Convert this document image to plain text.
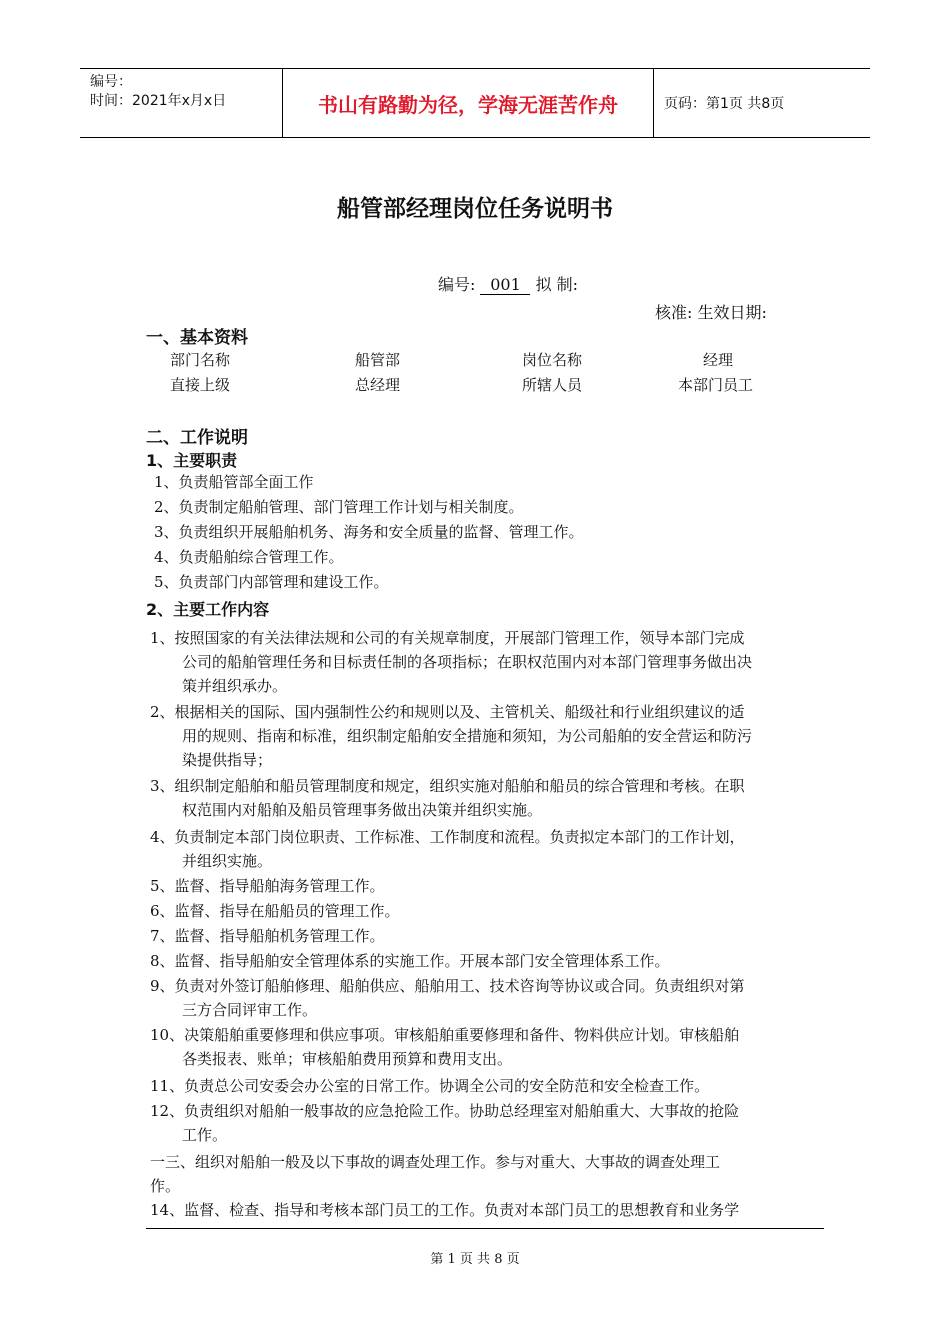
编号：
时间：2021年x月x日	书山有路勤为径，学海无涯苦作舟	页码：第1页 共8页
船管部经理岗位任务说明书
编号: 001 拟 制:
核准: 生效日期:
一、基本资料
部门名称	船管部	岗位名称	经理
直接上级	总经理	所辖人员	本部门员工
二、工作说明
1、主要职责
1、负责船管部全面工作
2、负责制定船舶管理、部门管理工作计划与相关制度。
3、负责组织开展船舶机务、海务和安全质量的监督、管理工作。
4、负责船舶综合管理工作。
5、负责部门内部管理和建设工作。
2、主要工作内容
1、按照国家的有关法律法规和公司的有关规章制度，开展部门管理工作，领导本部门完成
公司的船舶管理任务和目标责任制的各项指标；在职权范围内对本部门管理事务做出决
策并组织承办。
2、根据相关的国际、国内强制性公约和规则以及、主管机关、船级社和行业组织建议的适
用的规则、指南和标准，组织制定船舶安全措施和须知，为公司船舶的安全营运和防污
染提供指导；
3、组织制定船舶和船员管理制度和规定，组织实施对船舶和船员的综合管理和考核。在职
权范围内对船舶及船员管理事务做出决策并组织实施。
4、负责制定本部门岗位职责、工作标准、工作制度和流程。负责拟定本部门的工作计划，
并组织实施。
5、监督、指导船舶海务管理工作。
6、监督、指导在船船员的管理工作。
7、监督、指导船舶机务管理工作。
8、监督、指导船舶安全管理体系的实施工作。开展本部门安全管理体系工作。
9、负责对外签订船舶修理、船舶供应、船舶用工、技术咨询等协议或合同。负责组织对第
三方合同评审工作。
10、决策船舶重要修理和供应事项。审核船舶重要修理和备件、物料供应计划。审核船舶
各类报表、账单；审核船舶费用预算和费用支出。
11、负责总公司安委会办公室的日常工作。协调全公司的安全防范和安全检查工作。
12、负责组织对船舶一般事故的应急抢险工作。协助总经理室对船舶重大、大事故的抢险
工作。
一三、组织对船舶一般及以下事故的调查处理工作。参与对重大、大事故的调查处理工
作。
14、监督、检查、指导和考核本部门员工的工作。负责对本部门员工的思想教育和业务学
第 1 页 共 8 页
